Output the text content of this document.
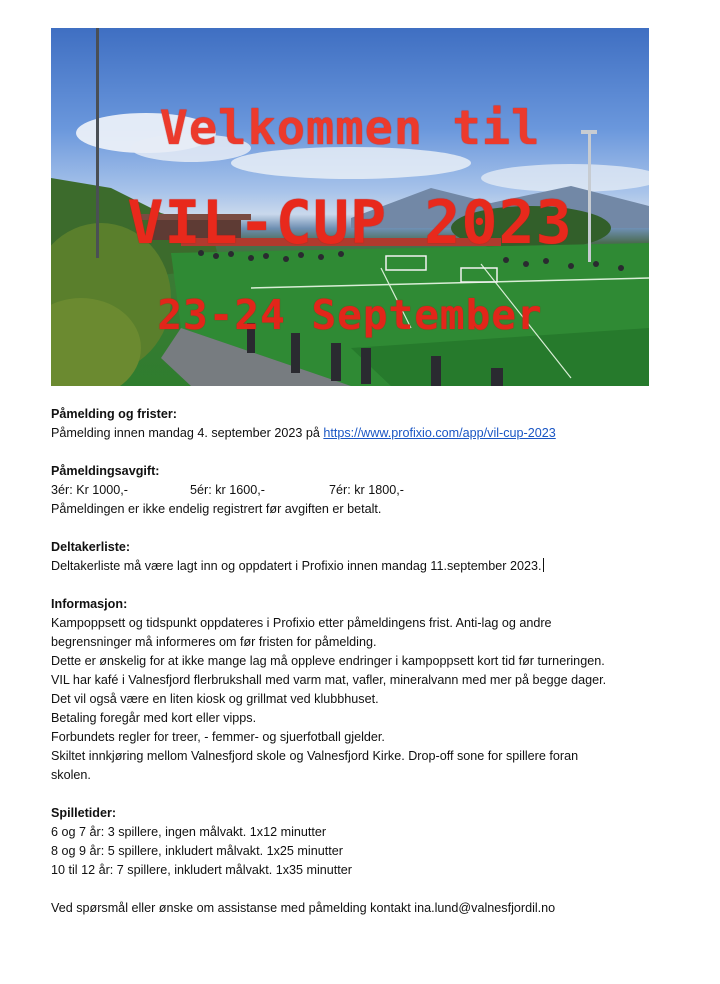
Velkommen til
VIL-CUP 2023
23-24 September
Påmelding og frister:
Påmelding innen mandag 4. september 2023 på https://www.profixio.com/app/vil-cup-2023
Påmeldingsavgift:
3ér: Kr 1000,-	5ér: kr 1600,-	7ér: kr 1800,-
Påmeldingen er ikke endelig registrert før avgiften er betalt.
Deltakerliste:
Deltakerliste må være lagt inn og oppdatert i Profixio innen mandag 11.september 2023.
Informasjon:
Kampoppsett og tidspunkt oppdateres i Profixio etter påmeldingens frist. Anti-lag og andre begrensninger må informeres om før fristen for påmelding.
Dette er ønskelig for at ikke mange lag må oppleve endringer i kampoppsett kort tid før turneringen.
VIL har kafé i Valnesfjord flerbrukshall med varm mat, vafler, mineralvann med mer på begge dager.
Det vil også være en liten kiosk og grillmat ved klubbhuset.
Betaling foregår med kort eller vipps.
Forbundets regler for treer, - femmer- og sjuerfotball gjelder.
Skiltet innkjøring mellom Valnesfjord skole og Valnesfjord Kirke. Drop-off sone for spillere foran skolen.
Spilletider:
6 og 7 år: 3 spillere, ingen målvakt. 1x12 minutter
8 og 9 år: 5 spillere, inkludert målvakt. 1x25 minutter
10 til 12 år: 7 spillere, inkludert målvakt. 1x35 minutter
Ved spørsmål eller ønske om assistanse med påmelding kontakt ina.lund@valnesfjordil.no
